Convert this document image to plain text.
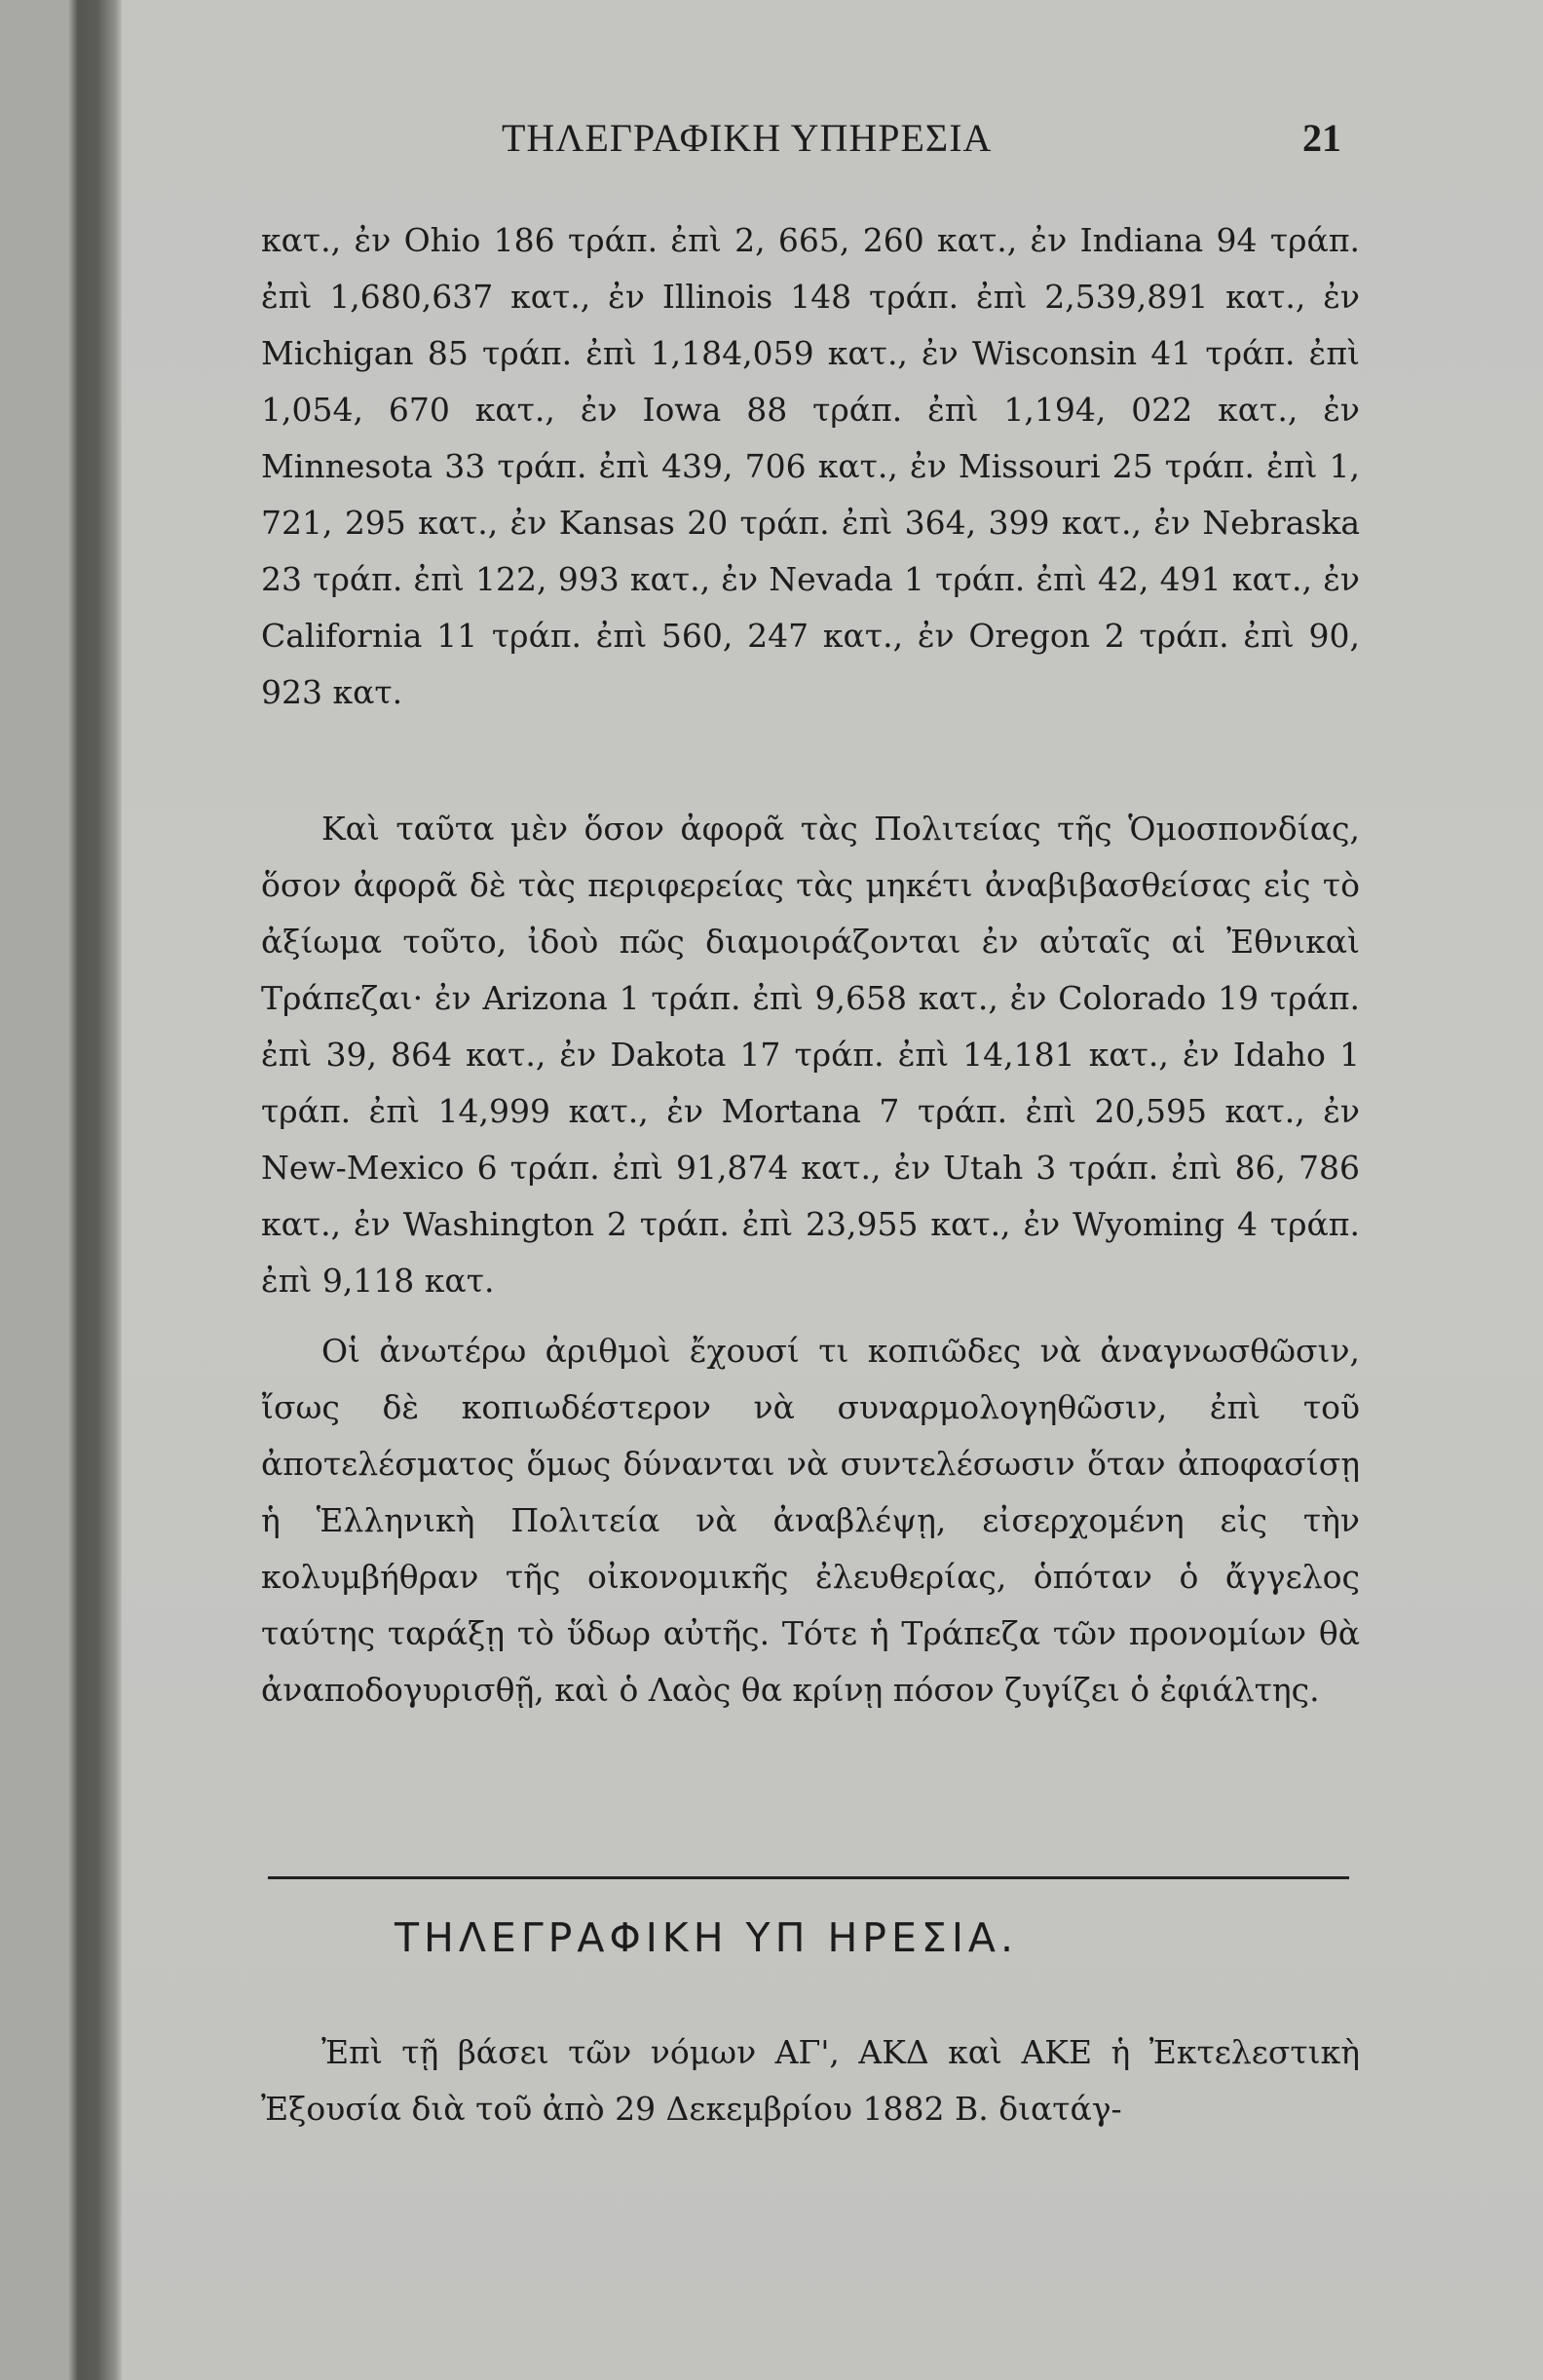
ΤΗΛΕΓΡΑΦΙΚΗ ΥΠΗΡΕΣΙΑ	21

κατ., ἐν Ohio 186 τράπ. ἐπὶ 2, 665, 260 κατ., ἐν Indiana 94 τράπ. ἐπὶ 1,680,637 κατ., ἐν Illinois 148 τράπ. ἐπὶ 2,539,891 κατ., ἐν Michigan 85 τράπ. ἐπὶ 1,184,059 κατ., ἐν Wisconsin 41 τράπ. ἐπὶ 1,054, 670 κατ., ἐν Iowa 88 τράπ. ἐπὶ 1,194, 022 κατ., ἐν Minnesota 33 τράπ. ἐπὶ 439, 706 κατ., ἐν Missouri 25 τράπ. ἐπὶ 1, 721, 295 κατ., ἐν Kansas 20 τράπ. ἐπὶ 364, 399 κατ., ἐν Nebraska 23 τράπ. ἐπὶ 122, 993 κατ., ἐν Nevada 1 τράπ. ἐπὶ 42, 491 κατ., ἐν California 11 τράπ. ἐπὶ 560, 247 κατ., ἐν Oregon 2 τράπ. ἐπὶ 90, 923 κατ.

Καὶ ταῦτα μὲν ὅσον ἀφορᾶ τὰς Πολιτείας τῆς Ὁμοσπονδίας, ὅσον ἀφορᾶ δὲ τὰς περιφερείας τὰς μηκέτι ἀναβιβασθείσας εἰς τὸ ἀξίωμα τοῦτο, ἰδοὺ πῶς διαμοιράζονται ἐν αὐταῖς αἱ Ἐθνικαὶ Τράπεζαι· ἐν Arizona 1 τράπ. ἐπὶ 9,658 κατ., ἐν Colorado 19 τράπ. ἐπὶ 39, 864 κατ., ἐν Dakota 17 τράπ. ἐπὶ 14,181 κατ., ἐν Idaho 1 τράπ. ἐπὶ 14,999 κατ., ἐν Mortana 7 τράπ. ἐπὶ 20,595 κατ., ἐν New-Mexico 6 τράπ. ἐπὶ 91,874 κατ., ἐν Utah 3 τράπ. ἐπὶ 86, 786 κατ., ἐν Washington 2 τράπ. ἐπὶ 23,955 κατ., ἐν Wyoming 4 τράπ. ἐπὶ 9,118 κατ.

Οἱ ἀνωτέρω ἀριθμοὶ ἔχουσί τι κοπιῶδες νὰ ἀναγνωσθῶσιν, ἴσως δὲ κοπιωδέστερον νὰ συναρμολογηθῶσιν, ἐπὶ τοῦ ἀποτελέσματος ὅμως δύνανται νὰ συντελέσωσιν ὅταν ἀποφασίσῃ ἡ Ἑλληνικὴ Πολιτεία νὰ ἀναβλέψῃ, εἰσερχομένη εἰς τὴν κολυμβήθραν τῆς οἰκονομικῆς ἐλευθερίας, ὁπόταν ὁ ἄγγελος ταύτης ταράξῃ τὸ ὕδωρ αὐτῆς. Τότε ἡ Τράπεζα τῶν προνομίων θὰ ἀναποδογυρισθῇ, καὶ ὁ Λαὸς θα κρίνῃ πόσον ζυγίζει ὁ ἐφιάλτης.

ΤΗΛΕΓΡΑΦΙΚΗ ΥΠ ΗΡΕΣΙΑ.

Ἐπὶ τῇ βάσει τῶν νόμων ΑΓ', ΑΚΔ καὶ ΑΚΕ ἡ Ἐκτελεστικὴ Ἐξουσία διὰ τοῦ ἀπὸ 29 Δεκεμβρίου 1882 Β. διατάγ-
